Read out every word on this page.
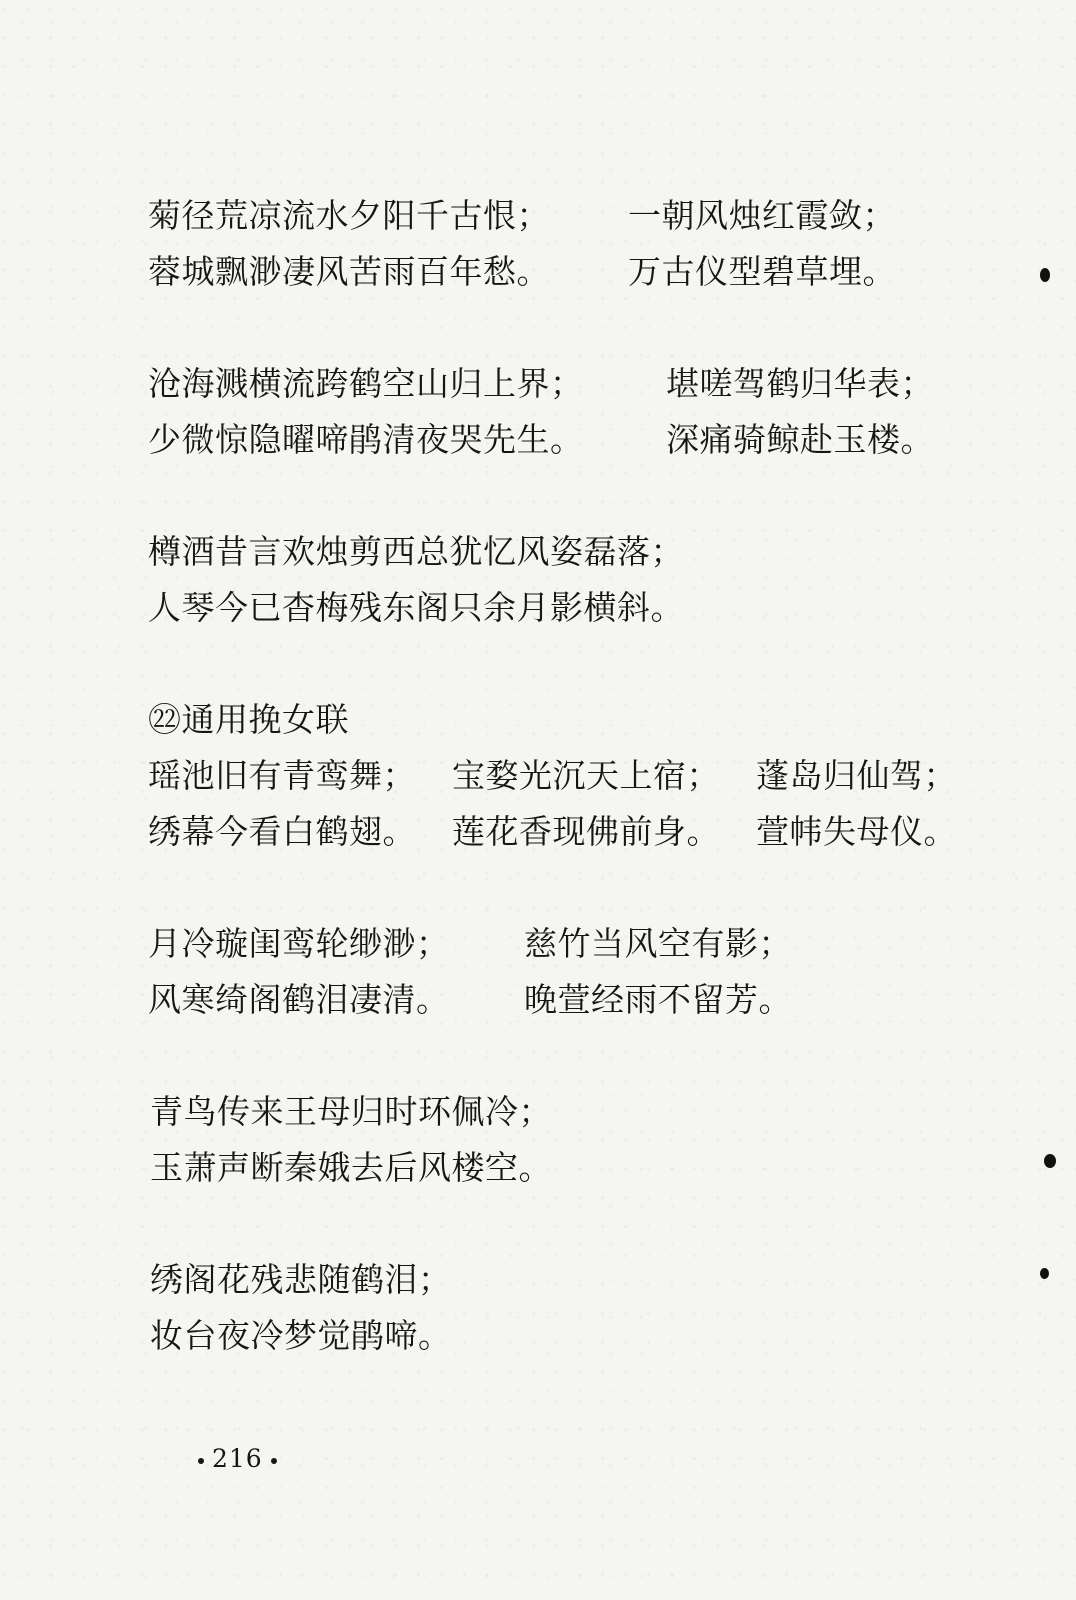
菊径荒凉流水夕阳千古恨； 一朝风烛红霞敛；
蓉城飘渺凄风苦雨百年愁。 万古仪型碧草埋。
沧海溅横流跨鹤空山归上界；	堪嗟驾鹤归华表；
少微惊隐曜啼鹃清夜哭先生。	深痛骑鲸赴玉楼。
樽酒昔言欢烛剪西总犹忆风姿磊落；
人琴今已杳梅残东阁只余月影横斜。
㉒通用挽女联
瑶池旧有青鸾舞； 宝婺光沉天上宿； 蓬岛归仙驾；
绣幕今看白鹤翅。 莲花香现佛前身。 萱帏失母仪。
月冷璇闺鸾轮缈渺； 慈竹当风空有影；
风寒绮阁鹤泪凄清。 晚萱经雨不留芳。
青鸟传来王母归时环佩冷；
玉萧声断秦娥去后风楼空。
绣阁花残悲随鹤泪；
妆台夜冷梦觉鹃啼。
216
